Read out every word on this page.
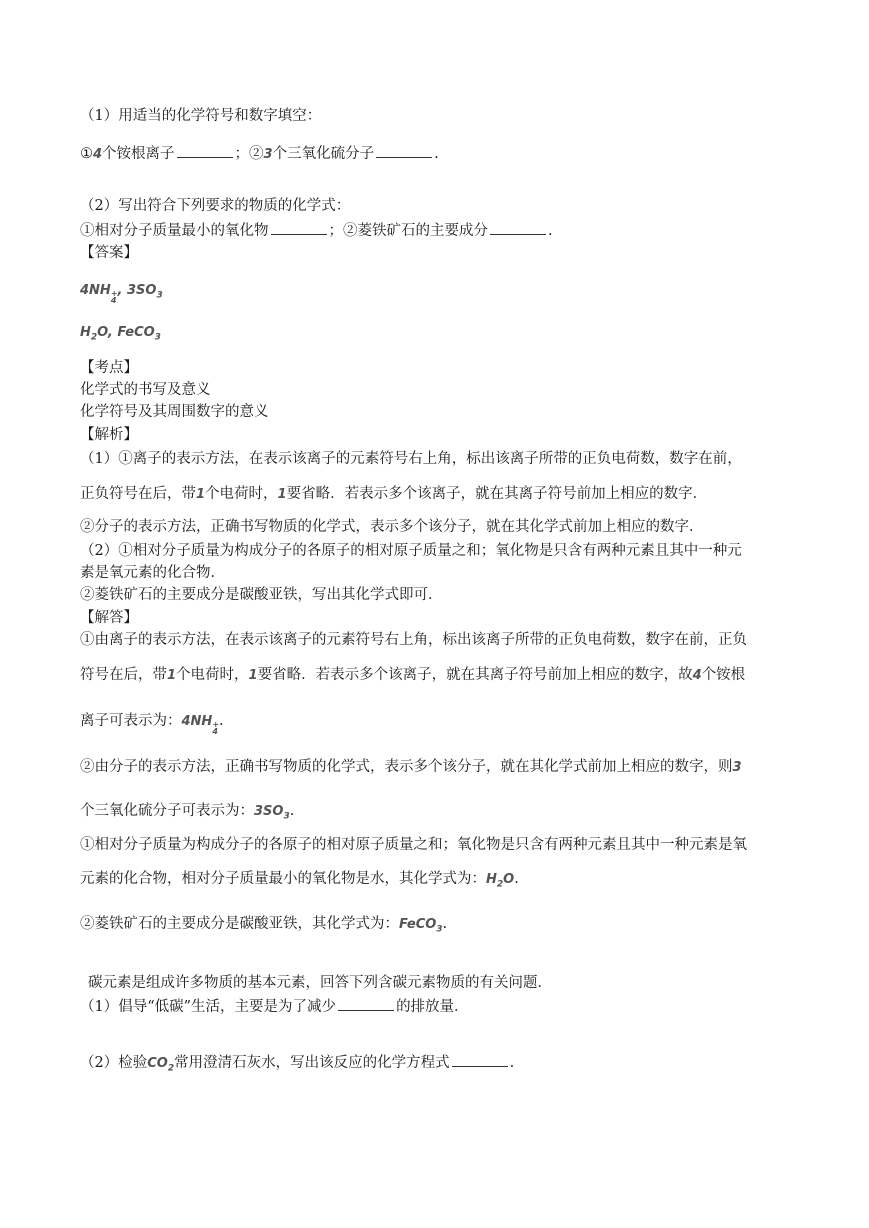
（1）用适当的化学符号和数字填空：
①4个铵根离子	；②3个三氧化硫分子	.
（2）写出符合下列要求的物质的化学式：
①相对分子质量最小的氧化物	；②菱铁矿石的主要成分	.
【答案】
4NH +
4
, $3SO_3$
$H_2O$, FeCO$_3$
【考点】
化学式的书写及意义
化学符号及其周围数字的意义
【解析】
（1）①离子的表示方法，在表示该离子的元素符号右上角，标出该离子所带的正负电荷数，数字在前，
正负符号在后，带1个电荷时，1要省略．若表示多个该离子，就在其离子符号前加上相应的数字．
②分子的表示方法，正确书写物质的化学式，表示多个该分子，就在其化学式前加上相应的数字．
（2）①相对分子质量为构成分子的各原子的相对原子质量之和；氧化物是只含有两种元素且其中一种元
素是氧元素的化合物．
②菱铁矿石的主要成分是碳酸亚铁，写出其化学式即可．
【解答】
①由离子的表示方法，在表示该离子的元素符号右上角，标出该离子所带的正负电荷数，数字在前，正负
符号在后，带1个电荷时，1要省略．若表示多个该离子，就在其离子符号前加上相应的数字，故4个铵根
离子可表示为：4NH +
4
.
②由分子的表示方法，正确书写物质的化学式，表示多个该分子，就在其化学式前加上相应的数字，则3
个三氧化硫分子可表示为：$3SO_3$.
①相对分子质量为构成分子的各原子的相对原子质量之和；氧化物是只含有两种元素且其中一种元素是氧
元素的化合物，相对分子质量最小的氧化物是水，其化学式为：$H_2O$.
②菱铁矿石的主要成分是碳酸亚铁，其化学式为：FeCO$_3$.
碳元素是组成许多物质的基本元素，回答下列含碳元素物质的有关问题．
（1）倡导“低碳”生活，主要是为了减少	的排放量．
（2）检验$CO_2$常用澄清石灰水，写出该反应的化学方程式	.
